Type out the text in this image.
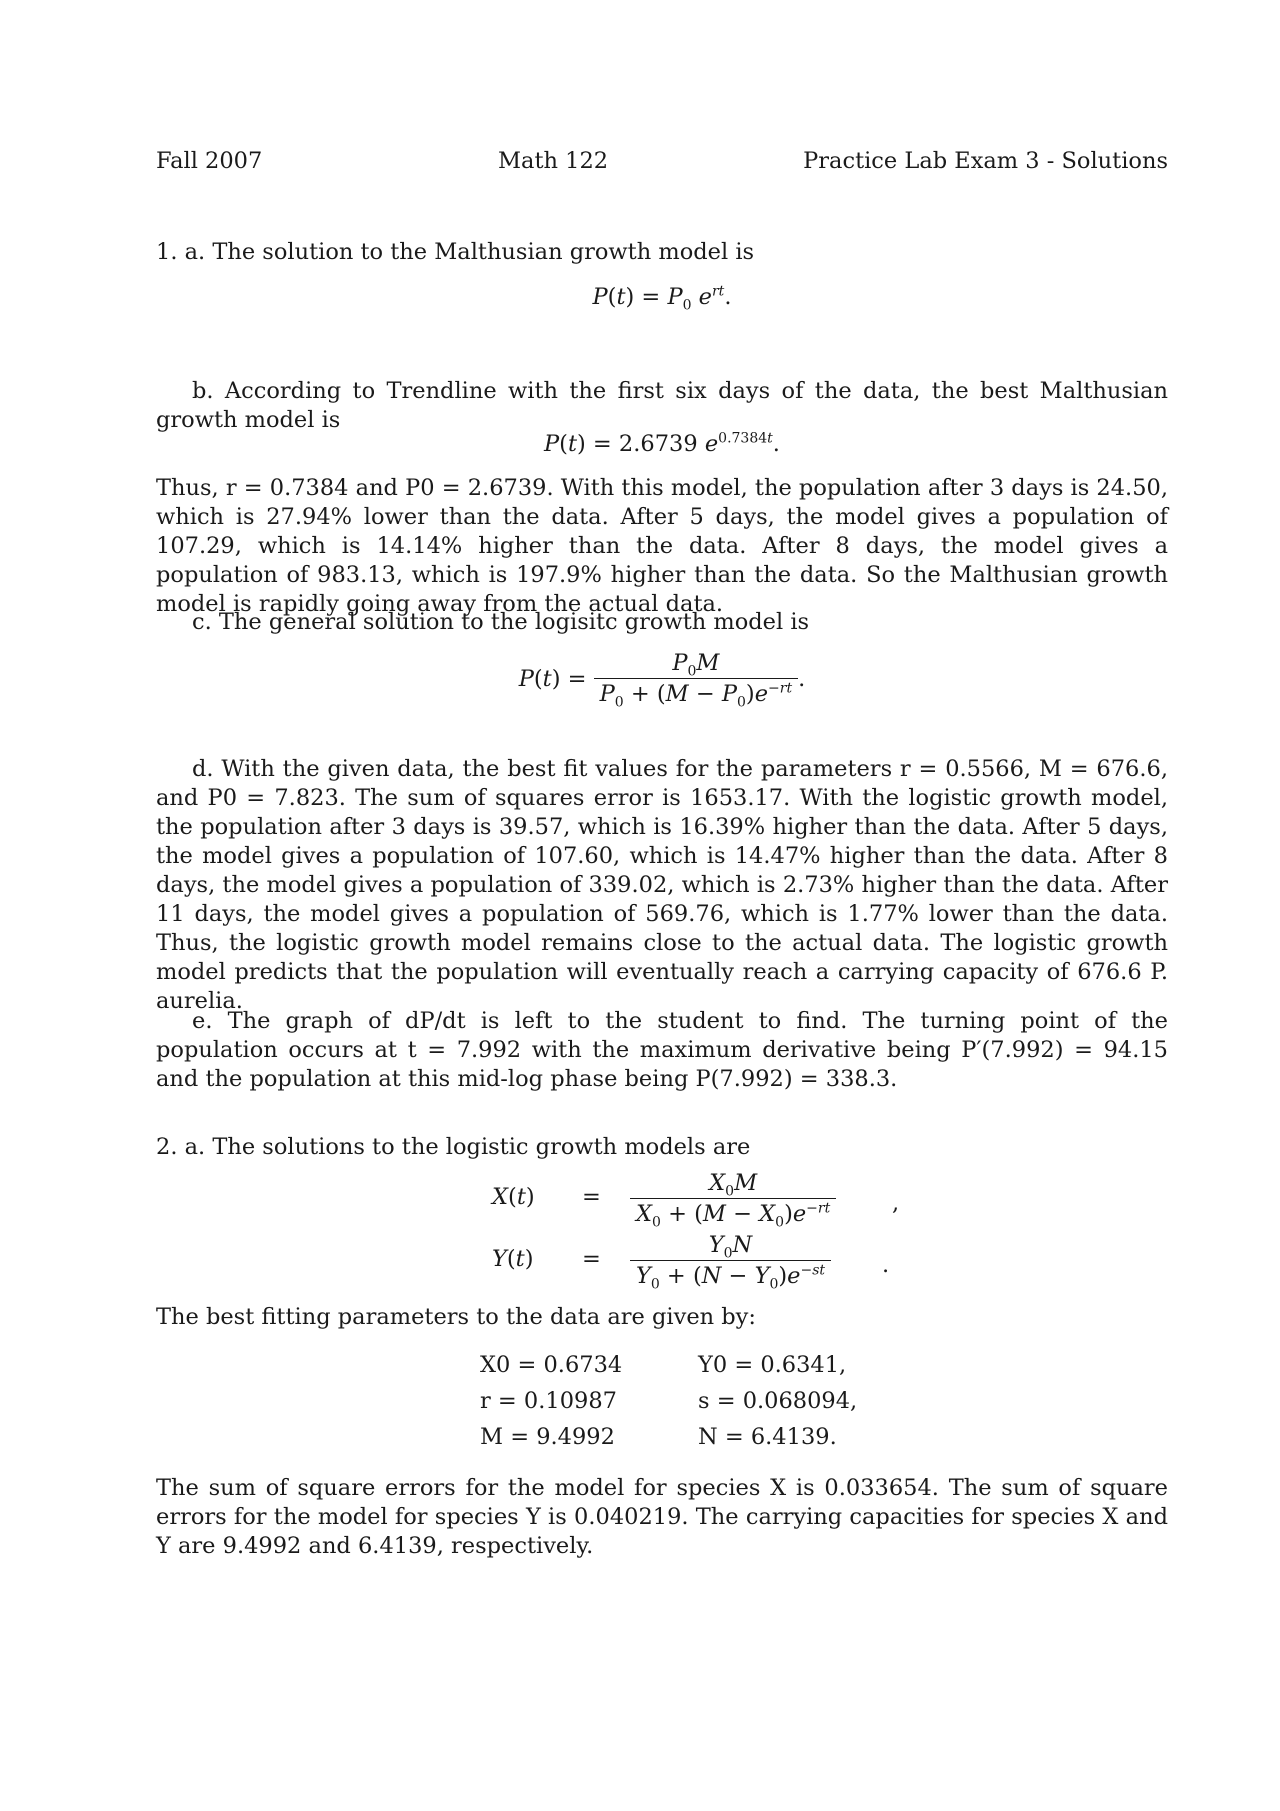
Fall 2007	Math 122	Practice Lab Exam 3 - Solutions
1. a. The solution to the Malthusian growth model is
$P(t) = P_0$ $e^{rt}$.
b. According to Trendline with the first six days of the data, the best Malthusian growth model is
P(t) = 2.6739 $e^{0.7384t}$.
Thus, r = 0.7384 and P0 = 2.6739. With this model, the population after 3 days is 24.50, which is 27.94% lower than the data. After 5 days, the model gives a population of 107.29, which is 14.14% higher than the data. After 8 days, the model gives a population of 983.13, which is 197.9% higher than the data. So the Malthusian growth model is rapidly going away from the actual data.
c. The general solution to the logisitc growth model is
$P(t) = \frac{P_0M}{P_0 + (M - P_0)e^{-rt}}$ .
d. With the given data, the best fit values for the parameters r = 0.5566, M = 676.6, and P0 = 7.823. The sum of squares error is 1653.17. With the logistic growth model, the population after 3 days is 39.57, which is 16.39% higher than the data. After 5 days, the model gives a population of 107.60, which is 14.47% higher than the data. After 8 days, the model gives a population of 339.02, which is 2.73% higher than the data. After 11 days, the model gives a population of 569.76, which is 1.77% lower than the data. Thus, the logistic growth model remains close to the actual data. The logistic growth model predicts that the population will eventually reach a carrying capacity of 676.6 P. aurelia.
e. The graph of dP/dt is left to the student to find. The turning point of the population occurs at t = 7.992 with the maximum derivative being P′(7.992) = 94.15 and the population at this mid-log phase being P(7.992) = 338.3.
2. a. The solutions to the logistic growth models are
$X(t) = \frac{X_0M}{X_0 + (M - X_0)e^{-rt}}$ ,
$Y(t) = \frac{Y_0N}{Y_0 + (N - Y_0)e^{-st}}$ .
The best fitting parameters to the data are given by:
X0 = 0.6734	Y0 = 0.6341,
r = 0.10987	s = 0.068094,
M = 9.4992	N = 6.4139.
The sum of square errors for the model for species X is 0.033654. The sum of square errors for the model for species Y is 0.040219. The carrying capacities for species X and Y are 9.4992 and 6.4139, respectively.
